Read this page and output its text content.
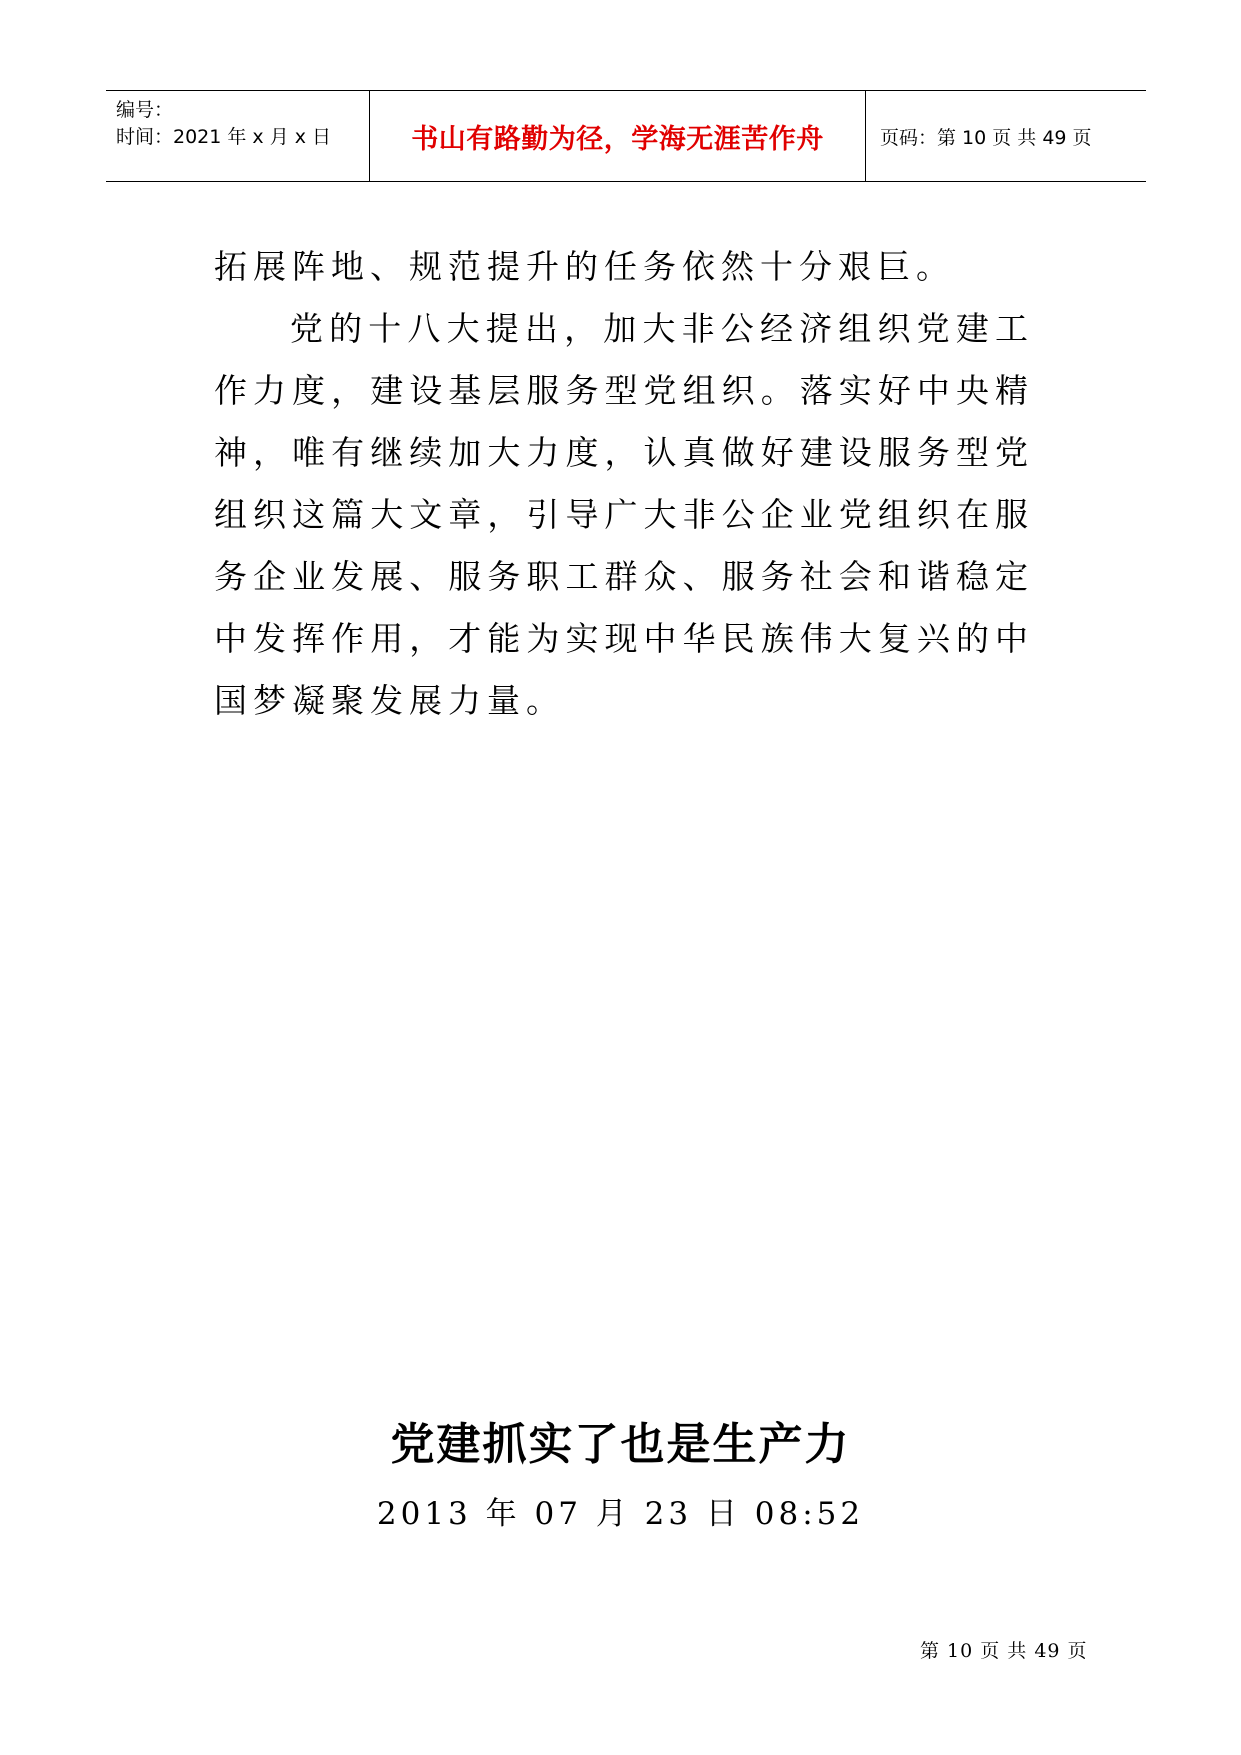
编号：
时间：2021 年 x 月 x 日	书山有路勤为径，学海无涯苦作舟	页码：第 10 页 共 49 页

拓展阵地、规范提升的任务依然十分艰巨。

党的十八大提出，加大非公经济组织党建工作力度，建设基层服务型党组织。落实好中央精神，唯有继续加大力度，认真做好建设服务型党组织这篇大文章，引导广大非公企业党组织在服务企业发展、服务职工群众、服务社会和谐稳定中发挥作用，才能为实现中华民族伟大复兴的中国梦凝聚发展力量。

党建抓实了也是生产力
2013 年 07 月 23 日 08:52
第 10 页 共 49 页
